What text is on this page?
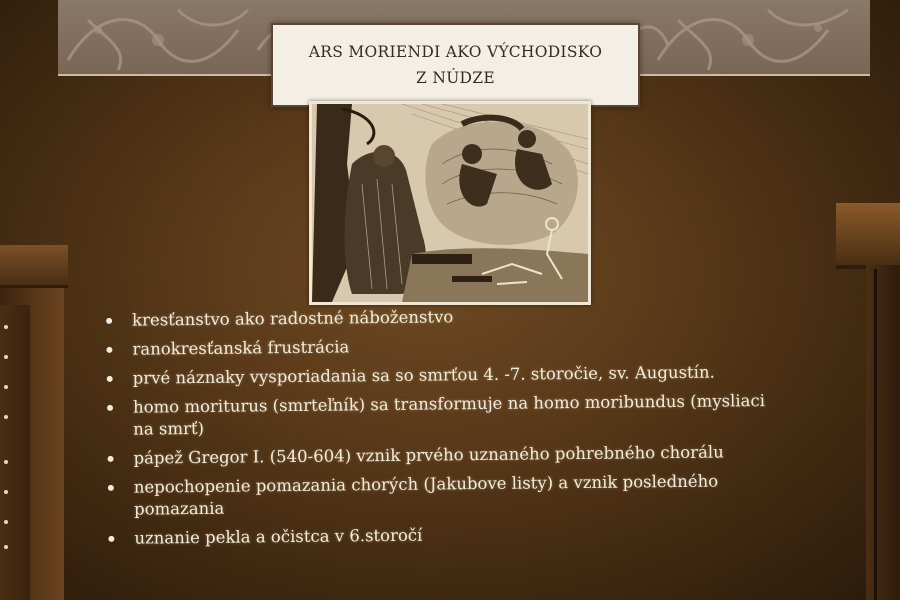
ARS MORIENDI AKO VÝCHODISKO
Z NÚDZE
kresťanstvo ako radostné náboženstvo
ranokresťanská frustrácia
prvé náznaky vysporiadania sa so smrťou 4. -7. storočie, sv. Augustín.
homo moriturus (smrteľník) sa transformuje na homo moribundus (mysliaci
na smrť)
pápež Gregor I. (540-604) vznik prvého uznaného pohrebného chorálu
nepochopenie pomazania chorých (Jakubove listy) a vznik posledného
pomazania
uznanie pekla a očistca v 6.storočí
